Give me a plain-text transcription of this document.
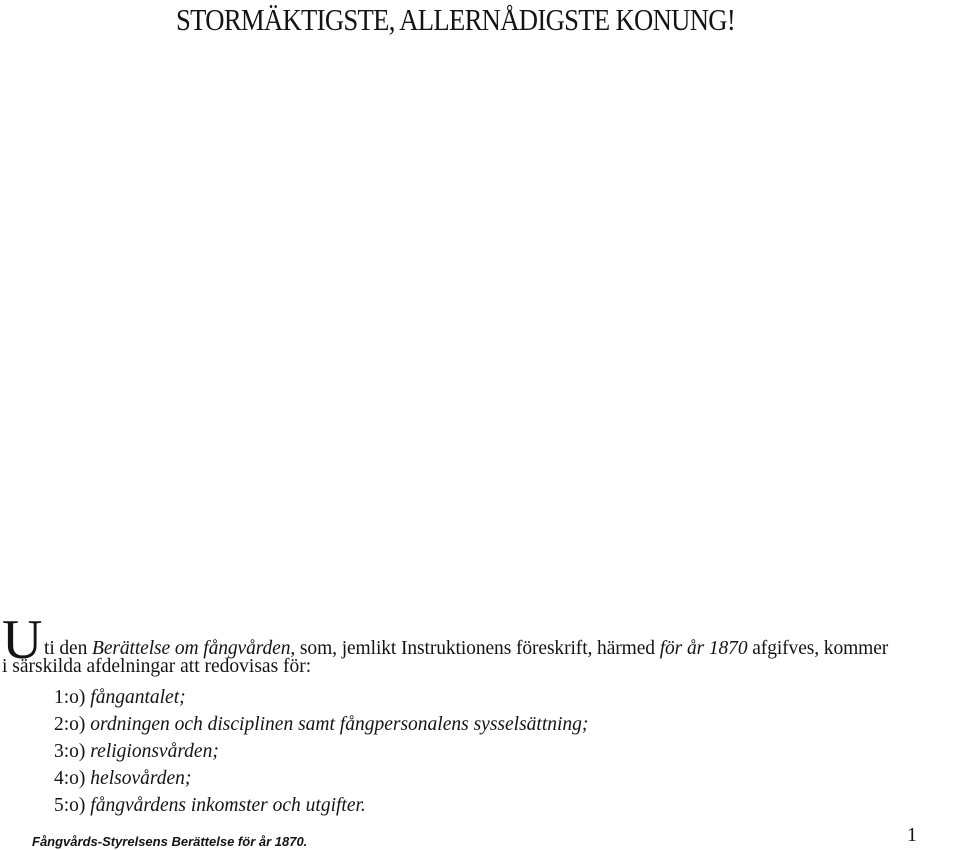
STORMÄKTIGSTE, ALLERNÅDIGSTE KONUNG!
U ti den Berättelse om fångvården, som, jemlikt Instruktionens föreskrift, härmed för år 1870 afgifves, kommer
i särskilda afdelningar att redovisas för:
1:o) fångantalet;
2:o) ordningen och disciplinen samt fångpersonalens sysselsättning;
3:o) religionsvården;
4:o) helsovården;
5:o) fångvårdens inkomster och utgifter.
Fångvårds-Styrelsens Berättelse för år 1870.	1
